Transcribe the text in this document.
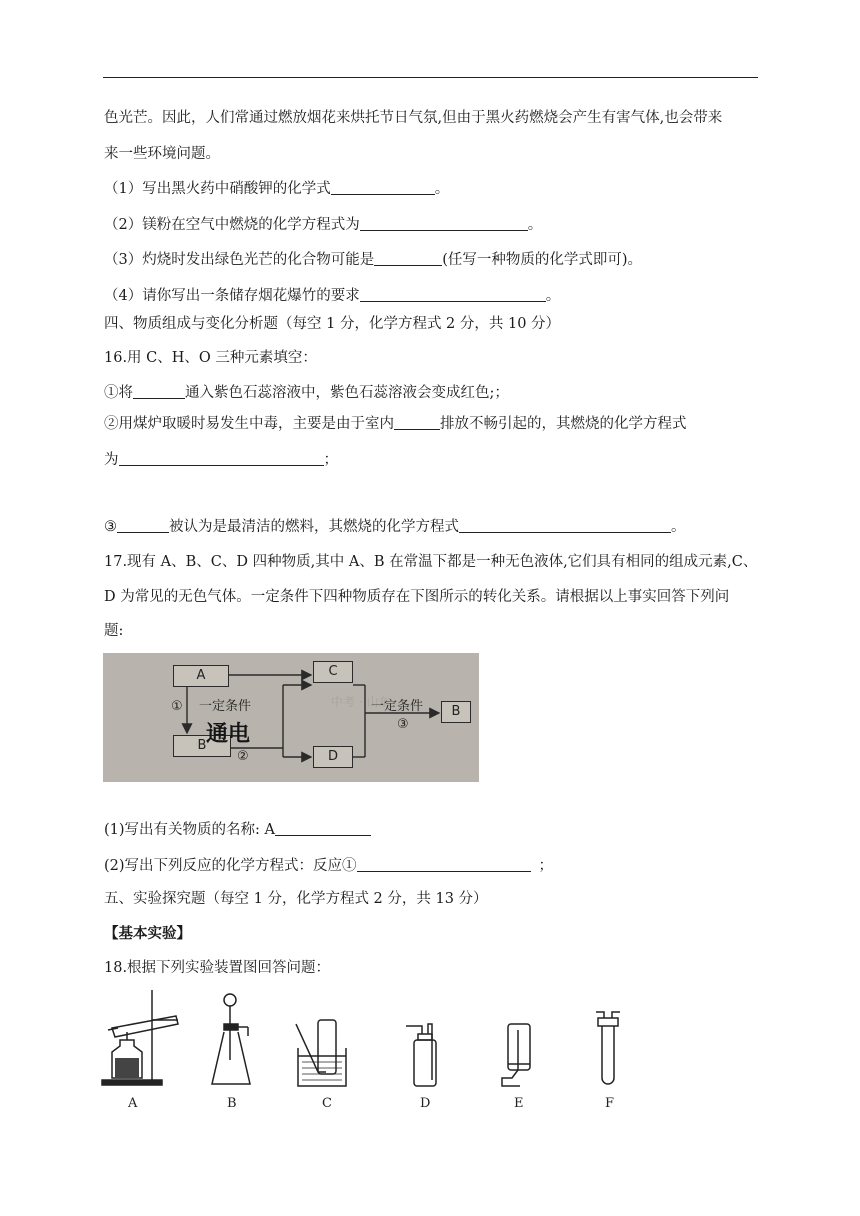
色光芒。因此，人们常通过燃放烟花来烘托节日气氛,但由于黑火药燃烧会产生有害气体,也会带来
来一些环境问题。
（1）写出黑火药中硝酸钾的化学式	。
（2）镁粉在空气中燃烧的化学方程式为	。
（3）灼烧时发出绿色光芒的化合物可能是	(任写一种物质的化学式即可)。
（4）请你写出一条储存烟花爆竹的要求	。
四、物质组成与变化分析题（每空 1 分，化学方程式 2 分，共 10 分）
16.用 C、H、O 三种元素填空：
①将	通入紫色石蕊溶液中，紫色石蕊溶液会变成红色;；
②用煤炉取暖时易发生中毒，主要是由于室内	排放不畅引起的，其燃烧的化学方程式
为	；
③	被认为是最清洁的燃料，其燃烧的化学方程式	。
17.现有 A、B、C、D 四种物质,其中 A、B 在常温下都是一种无色液体,它们具有相同的组成元素,C、
D 为常见的无色气体。一定条件下四种物质存在下图所示的转化关系。请根据以上事实回答下列问
题:
中考 · 山东
A	C
B
D
B
一定条件
①
通电
②
一定条件
③
(1)写出有关物质的名称: A
(2)写出下列反应的化学方程式：反应①	；
五、实验探究题（每空 1 分，化学方程式 2 分，共 13 分）
【基本实验】
18.根据下列实验装置图回答问题：
A	B	C	D	E	F
